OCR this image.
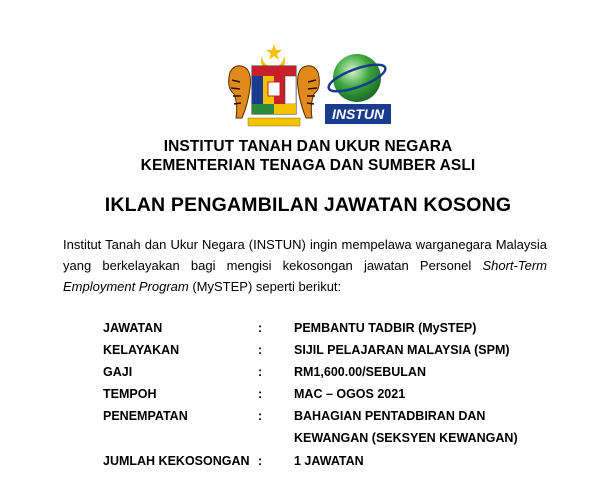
INSTUN
INSTITUT TANAH DAN UKUR NEGARA
KEMENTERIAN TENAGA DAN SUMBER ASLI
IKLAN PENGAMBILAN JAWATAN KOSONG
Institut Tanah dan Ukur Negara (INSTUN) ingin mempelawa warganegara Malaysia
yang berkelayakan bagi mengisi kekosongan jawatan Personel Short-Term
Employment Program (MySTEP) seperti berikut:
JAWATAN	:	PEMBANTU TADBIR (MySTEP)
KELAYAKAN	:	SIJIL PELAJARAN MALAYSIA (SPM)
GAJI	:	RM1,600.00/SEBULAN
TEMPOH	:	MAC – OGOS 2021
PENEMPATAN	:	BAHAGIAN PENTADBIRAN DAN
KEWANGAN (SEKSYEN KEWANGAN)
JUMLAH KEKOSONGAN :	1 JAWATAN
